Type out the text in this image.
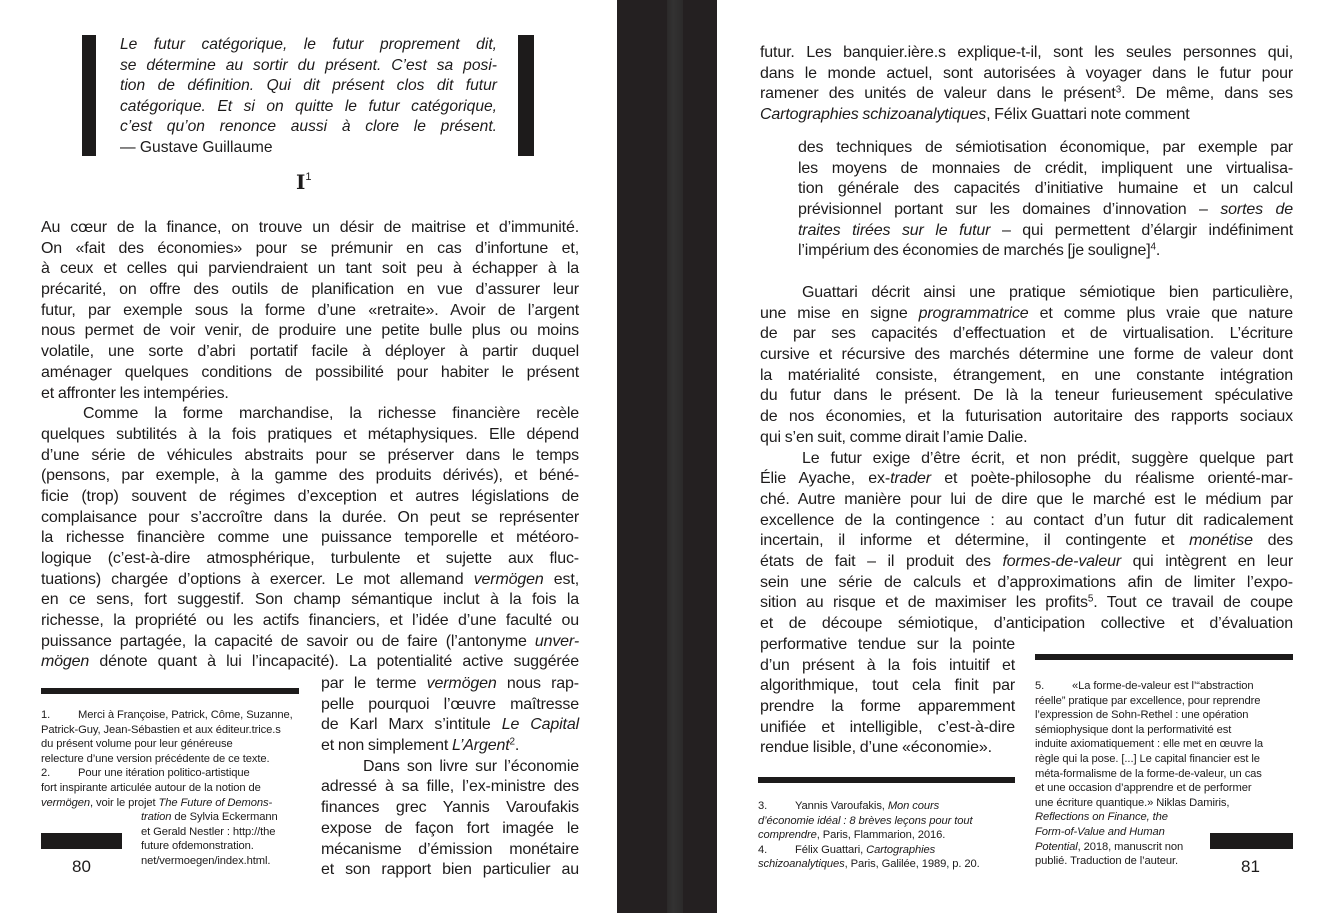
Le futur catégorique, le futur proprement dit,
se détermine au sortir du présent. C’est sa posi-
tion de définition. Qui dit présent clos dit futur
catégorique. Et si on quitte le futur catégorique,
c’est qu’on renonce aussi à clore le présent.
— Gustave Guillaume
$I^1$
Au cœur de la finance, on trouve un désir de maitrise et d’immunité.
On «fait des économies» pour se prémunir en cas d’infortune et,
à ceux et celles qui parviendraient un tant soit peu à échapper à la
précarité, on offre des outils de planification en vue d’assurer leur
futur, par exemple sous la forme d’une «retraite». Avoir de l’argent
nous permet de voir venir, de produire une petite bulle plus ou moins
volatile, une sorte d’abri portatif facile à déployer à partir duquel
aménager quelques conditions de possibilité pour habiter le présent
et affronter les intempéries.
Comme la forme marchandise, la richesse financière recèle
quelques subtilités à la fois pratiques et métaphysiques. Elle dépend
d’une série de véhicules abstraits pour se préserver dans le temps
(pensons, par exemple, à la gamme des produits dérivés), et béné-
ficie (trop) souvent de régimes d’exception et autres législations de
complaisance pour s’accroître dans la durée. On peut se représenter
la richesse financière comme une puissance temporelle et météoro-
logique (c’est-à-dire atmosphérique, turbulente et sujette aux fluc-
tuations) chargée d’options à exercer. Le mot allemand vermögen est,
en ce sens, fort suggestif. Son champ sémantique inclut à la fois la
richesse, la propriété ou les actifs financiers, et l’idée d’une faculté ou
puissance partagée, la capacité de savoir ou de faire (l’antonyme unver-
mögen dénote quant à lui l’incapacité). La potentialité active suggérée
par le terme vermögen nous rap-
pelle pourquoi l’œuvre maîtresse
de Karl Marx s’intitule Le Capital
et non simplement L’Argent$^2$.
Dans son livre sur l’économie
adressé à sa fille, l’ex-ministre des
finances grec Yannis Varoufakis
expose de façon fort imagée le
mécanisme d’émission monétaire
et son rapport bien particulier au
1. Merci à Françoise, Patrick, Côme, Suzanne,
Patrick-Guy, Jean-Sébastien et aux éditeur.trice.s
du présent volume pour leur généreuse
relecture d’une version précédente de ce texte.
2. Pour une itération politico-artistique
fort inspirante articulée autour de la notion de
vermögen, voir le projet The Future of Demons-
tration de Sylvia Eckermann
et Gerald Nestler : http://the
future ofdemonstration.
net/vermoegen/index.html.
80
futur. Les banquier.ière.s explique-t-il, sont les seules personnes qui,
dans le monde actuel, sont autorisées à voyager dans le futur pour
ramener des unités de valeur dans le présent$^3$. De même, dans ses
Cartographies schizoanalytiques, Félix Guattari note comment
des techniques de sémiotisation économique, par exemple par
les moyens de monnaies de crédit, impliquent une virtualisa-
tion générale des capacités d’initiative humaine et un calcul
prévisionnel portant sur les domaines d’innovation – sortes de
traites tirées sur le futur – qui permettent d’élargir indéfiniment
l’impérium des économies de marchés [je souligne]$^4$.
Guattari décrit ainsi une pratique sémiotique bien particulière,
une mise en signe programmatrice et comme plus vraie que nature
de par ses capacités d’effectuation et de virtualisation. L’écriture
cursive et récursive des marchés détermine une forme de valeur dont
la matérialité consiste, étrangement, en une constante intégration
du futur dans le présent. De là la teneur furieusement spéculative
de nos économies, et la futurisation autoritaire des rapports sociaux
qui s’en suit, comme dirait l’amie Dalie.
Le futur exige d’être écrit, et non prédit, suggère quelque part
Élie Ayache, ex-trader et poète-philosophe du réalisme orienté-mar-
ché. Autre manière pour lui de dire que le marché est le médium par
excellence de la contingence : au contact d’un futur dit radicalement
incertain, il informe et détermine, il contingente et monétise des
états de fait – il produit des formes-de-valeur qui intègrent en leur
sein une série de calculs et d’approximations afin de limiter l’expo-
sition au risque et de maximiser les profits$^5$. Tout ce travail de coupe
et de découpe sémiotique, d’anticipation collective et d’évaluation
performative tendue sur la pointe
d’un présent à la fois intuitif et
algorithmique, tout cela finit par
prendre la forme apparemment
unifiée et intelligible, c’est-à-dire
rendue lisible, d’une «économie».
3. Yannis Varoufakis, Mon cours
d’économie idéal : 8 brèves leçons pour tout
comprendre, Paris, Flammarion, 2016.
4. Félix Guattari, Cartographies
schizoanalytiques, Paris, Galilée, 1989, p. 20.
5. «La forme-de-valeur est l’“abstraction
réelle” pratique par excellence, pour reprendre
l’expression de Sohn-Rethel : une opération
sémiophysique dont la performativité est
induite axiomatiquement : elle met en œuvre la
règle qui la pose. [...] Le capital financier est le
méta-formalisme de la forme-de-valeur, un cas
et une occasion d’apprendre et de performer
une écriture quantique.» Niklas Damiris,
Reflections on Finance, the
Form-of-Value and Human
Potential, 2018, manuscrit non
publié. Traduction de l’auteur.	81
